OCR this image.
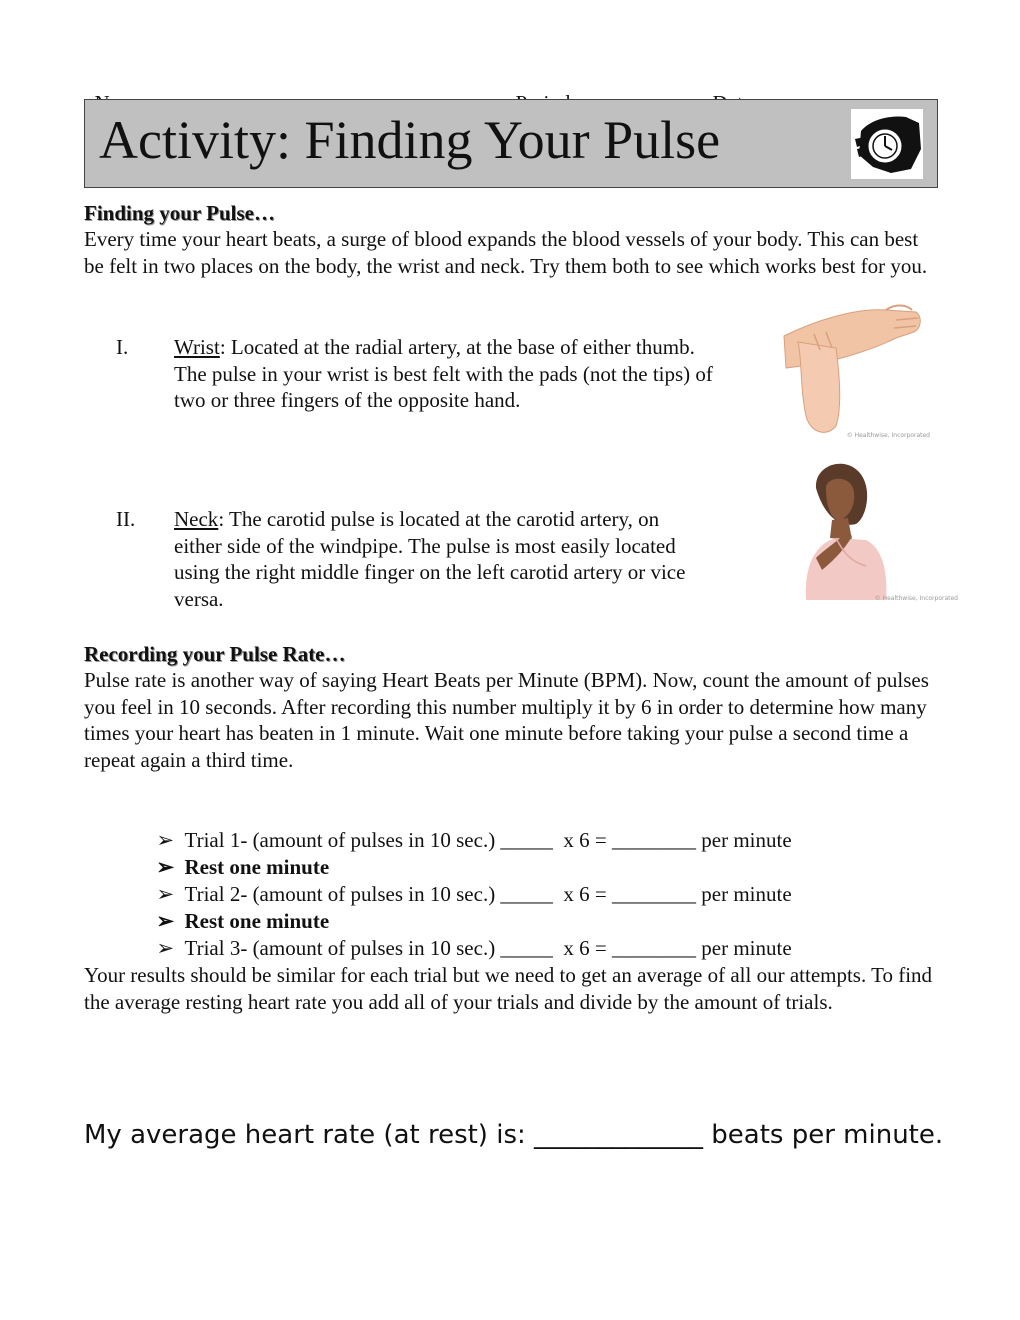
Activity: Finding Your Pulse
Finding your Pulse…
Every time your heart beats, a surge of blood expands the blood vessels of your body. This can best be felt in two places on the body, the wrist and neck. Try them both to see which works best for you.
I. Wrist: Located at the radial artery, at the base of either thumb. The pulse in your wrist is best felt with the pads (not the tips) of two or three fingers of the opposite hand.
© Healthwise, Incorporated
II. Neck: The carotid pulse is located at the carotid artery, on either side of the windpipe. The pulse is most easily located using the right middle finger on the left carotid artery or vice versa.	© Healthwise, Incorporated
Recording your Pulse Rate…
Pulse rate is another way of saying Heart Beats per Minute (BPM). Now, count the amount of pulses you feel in 10 seconds. After recording this number multiply it by 6 in order to determine how many times your heart has beaten in 1 minute. Wait one minute before taking your pulse a second time a repeat again a third time.

➢ Trial 1- (amount of pulses in 10 sec.) _____  x 6 = ________ per minute

➢ Rest one minute

➢ Trial 2- (amount of pulses in 10 sec.) _____  x 6 = ________ per minute

➢ Rest one minute

➢ Trial 3- (amount of pulses in 10 sec.) _____  x 6 = ________ per minute

Your results should be similar for each trial but we need to get an average of all our attempts. To find the average resting heart rate you add all of your trials and divide by the amount of trials.
My average heart rate (at rest) is: _____________ beats per minute.
